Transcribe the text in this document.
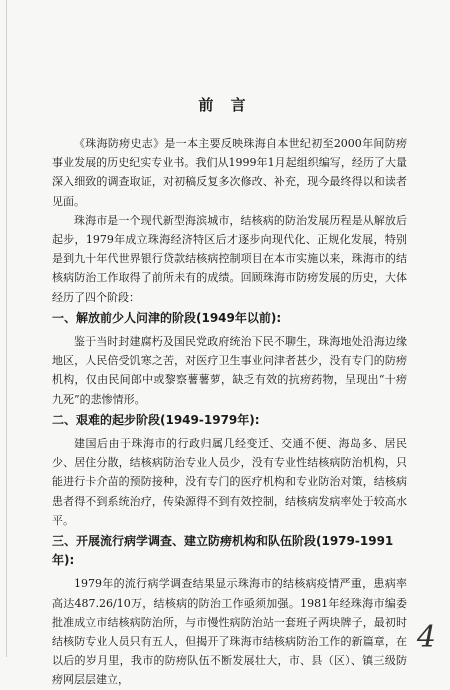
前 言

《珠海防痨史志》是一本主要反映珠海自本世纪初至2000年间防痨事业发展的历史纪实专业书。我们从1999年1月起组织编写，经历了大量深入细致的调查取证，对初稿反复多次修改、补充，现今最终得以和读者见面。

珠海市是一个现代新型海滨城市，结核病的防治发展历程是从解放后起步，1979年成立珠海经济特区后才逐步向现代化、正规化发展，特别是到九十年代世界银行贷款结核病控制项目在本市实施以来，珠海市的结核病防治工作取得了前所未有的成绩。回顾珠海市防痨发展的历史，大体经历了四个阶段：

一、解放前少人问津的阶段(1949年以前):

鉴于当时封建腐朽及国民党政府统治下民不聊生，珠海地处沿海边缘地区，人民倍受饥寒之苦，对医疗卫生事业问津者甚少，没有专门的防痨机构，仅由民间郎中或黎察薯薯萝，缺乏有效的抗痨药物，呈现出“十痨九死”的悲惨情形。

二、艰难的起步阶段(1949-1979年):

建国后由于珠海市的行政归属几经变迁、交通不便、海岛多、居民少、居住分散，结核病防治专业人员少，没有专业性结核病防治机构，只能进行卡介苗的预防接种，没有专门的医疗机构和专业防治对策，结核病患者得不到系统治疗，传染源得不到有效控制，结核病发病率处于较高水平。

三、开展流行病学调查、建立防痨机构和队伍阶段(1979-1991年):

1979年的流行病学调查结果显示珠海市的结核病疫情严重，患病率高达487.26/10万，结核病的防治工作亟须加强。1981年经珠海市编委批准成立市结核病防治所，与市慢性病防治站一套班子两块牌子，最初时结核防专业人员只有五人，但揭开了珠海市结核病防治工作的新篇章，在以后的岁月里，我市的防痨队伍不断发展壮大，市、县（区）、镇三级防痨网层层建立，

4
